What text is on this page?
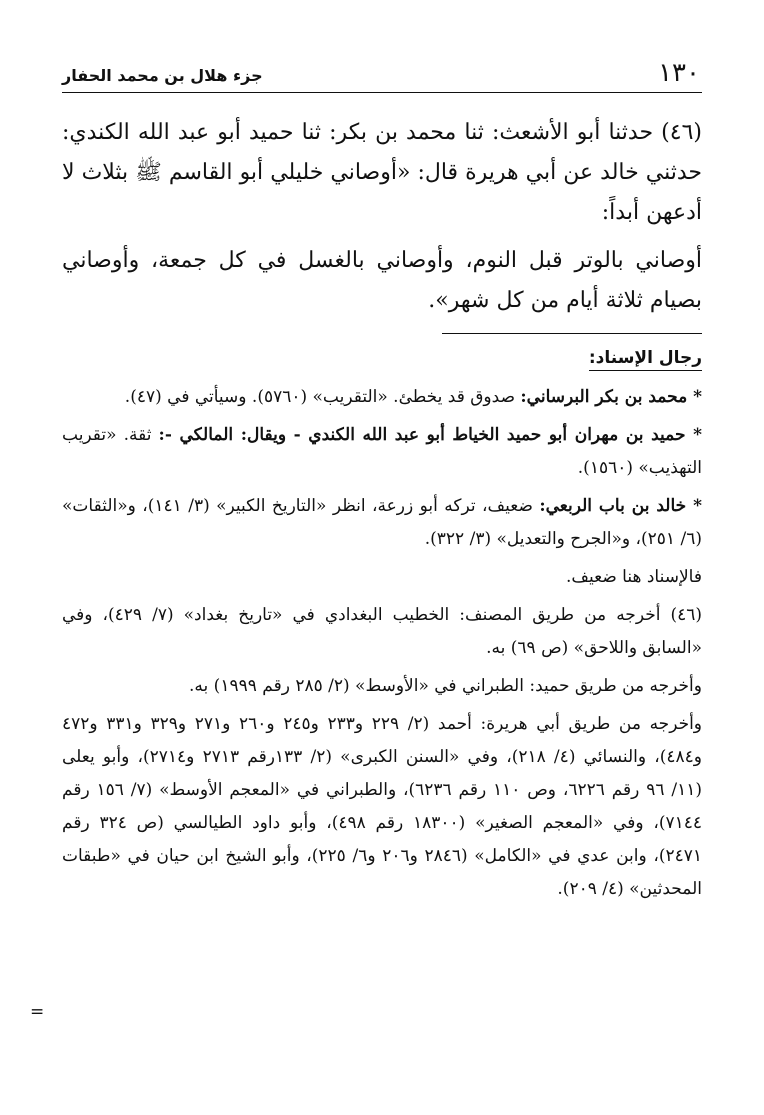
١٣٠
جزء هلال بن محمد الحفار

(٤٦) حدثنا أبو الأشعث: ثنا محمد بن بكر: ثنا حميد أبو عبد الله الكندي: حدثني خالد عن أبي هريرة قال: «أوصاني خليلي أبو القاسم ﷺ بثلاث لا أدعهن أبداً:

أوصاني بالوتر قبل النوم، وأوصاني بالغسل في كل جمعة، وأوصاني بصيام ثلاثة أيام من كل شهر».

رجال الإسناد:

* محمد بن بكر البرساني: صدوق قد يخطئ. «التقريب» (٥٧٦٠). وسيأتي في (٤٧).

* حميد بن مهران أبو حميد الخياط أبو عبد الله الكندي - ويقال: المالكي -: ثقة. «تقريب التهذيب» (١٥٦٠).

* خالد بن باب الربعي: ضعيف، تركه أبو زرعة، انظر «التاريخ الكبير» (٣/ ١٤١)، و«الثقات» (٦/ ٢٥١)، و«الجرح والتعديل» (٣/ ٣٢٢).

فالإسناد هنا ضعيف.

(٤٦) أخرجه من طريق المصنف: الخطيب البغدادي في «تاريخ بغداد» (٧/ ٤٢٩)، وفي «السابق واللاحق» (ص ٦٩) به.

وأخرجه من طريق حميد: الطبراني في «الأوسط» (٢/ ٢٨٥ رقم ١٩٩٩) به.

وأخرجه من طريق أبي هريرة: أحمد (٢/ ٢٢٩ و٢٣٣ و٢٤٥ و٢٦٠ و٢٧١ و٣٢٩ و٣٣١ و٤٧٢ و٤٨٤)، والنسائي (٤/ ٢١٨)، وفي «السنن الكبرى» (٢/ ١٣٣رقم ٢٧١٣ و٢٧١٤)، وأبو يعلى (١١/ ٩٦ رقم ٦٢٢٦، وص ١١٠ رقم ٦٢٣٦)، والطبراني في «المعجم الأوسط» (٧/ ١٥٦ رقم ٧١٤٤)، وفي «المعجم الصغير» (١٨٣٠٠ رقم ٤٩٨)، وأبو داود الطيالسي (ص ٣٢٤ رقم ٢٤٧١)، وابن عدي في «الكامل» (٢٨٤٦ و٢٠٦ و٦/ ٢٢٥)، وأبو الشيخ ابن حيان في «طبقات المحدثين» (٤/ ٢٠٩).

=
